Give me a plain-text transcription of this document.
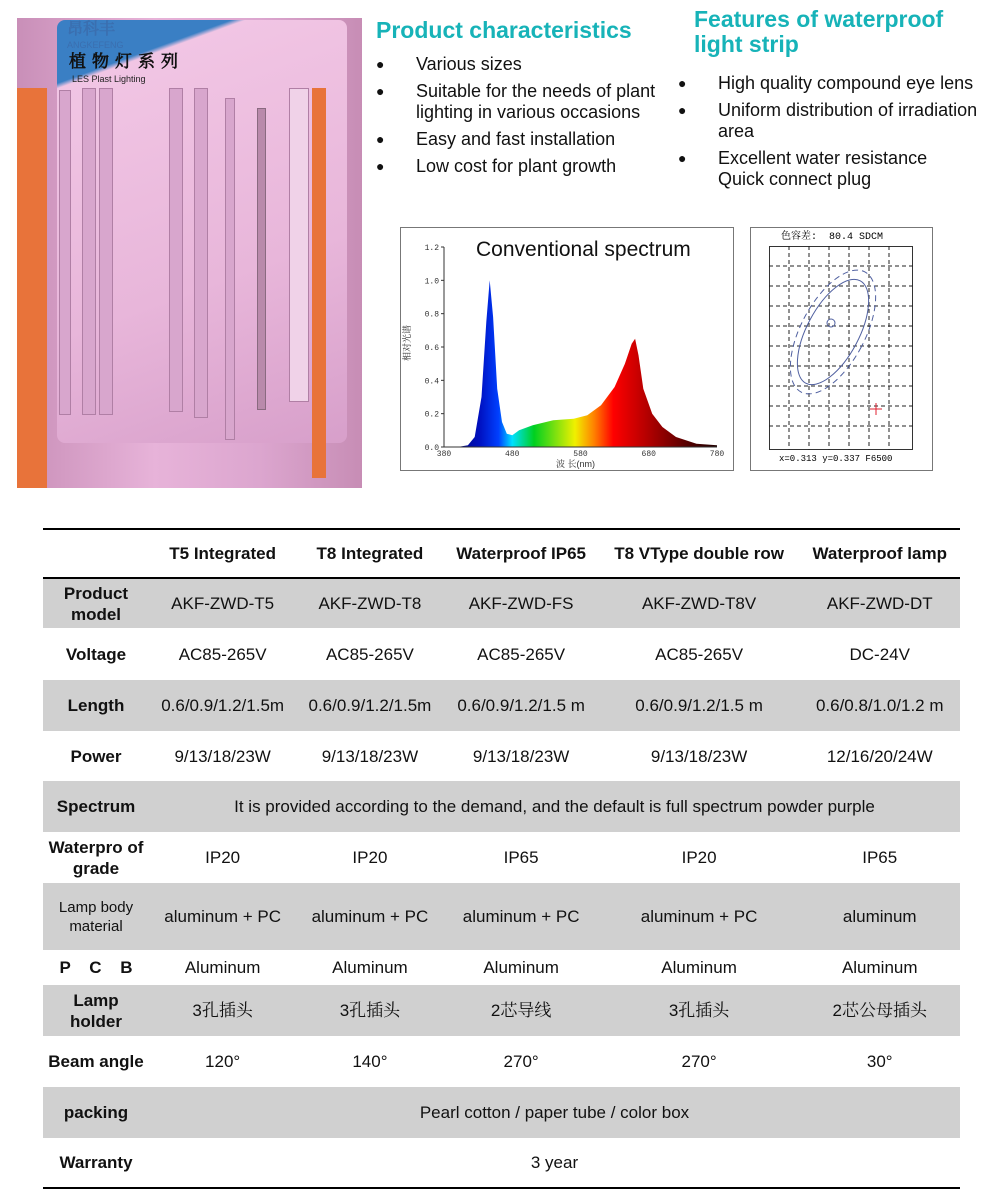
昂科丰
ANGKEFENG
植物灯系列
LES Plast Lighting
Product characteristics
● Various sizes
● Suitable for the needs of plant lighting in various occasions
● Easy and fast installation
● Low cost for plant growth
Features of waterproof light strip
● High quality compound eye lens
● Uniform distribution of irradiation area
● Excellent water resistance Quick connect plug
0.0
0.2
0.4
0.6
0.8
1.0
1.2
380	480	580	680	780
Conventional spectrum
相对光谱
波 长(nm)
色容差:  80.4 SDCM
x=0.313 y=0.337 F6500
	T5 Integrated	T8 Integrated	Waterproof IP65	T8 VType double row	Waterproof lamp
Product model	AKF-ZWD-T5	AKF-ZWD-T8	AKF-ZWD-FS	AKF-ZWD-T8V	AKF-ZWD-DT
Voltage	AC85-265V	AC85-265V	AC85-265V	AC85-265V	DC-24V
Length	0.6/0.9/1.2/1.5m	0.6/0.9/1.2/1.5m	0.6/0.9/1.2/1.5 m	0.6/0.9/1.2/1.5 m	0.6/0.8/1.0/1.2 m
Power	9/13/18/23W	9/13/18/23W	9/13/18/23W	9/13/18/23W	12/16/20/24W
Spectrum	It is provided according to the demand, and the default is full spectrum powder purple				
Waterpro of grade	IP20	IP20	IP65	IP20	IP65
Lamp body material	aluminum + PC	aluminum + PC	aluminum + PC	aluminum + PC	aluminum
P C B	Aluminum	Aluminum	Aluminum	Aluminum	Aluminum
Lamp holder	3孔插头	3孔插头	2芯导线	3孔插头	2芯公母插头
Beam angle	120°	140°	270°	270°	30°
packing	Pearl cotton / paper tube / color box				
Warranty	3 year				
